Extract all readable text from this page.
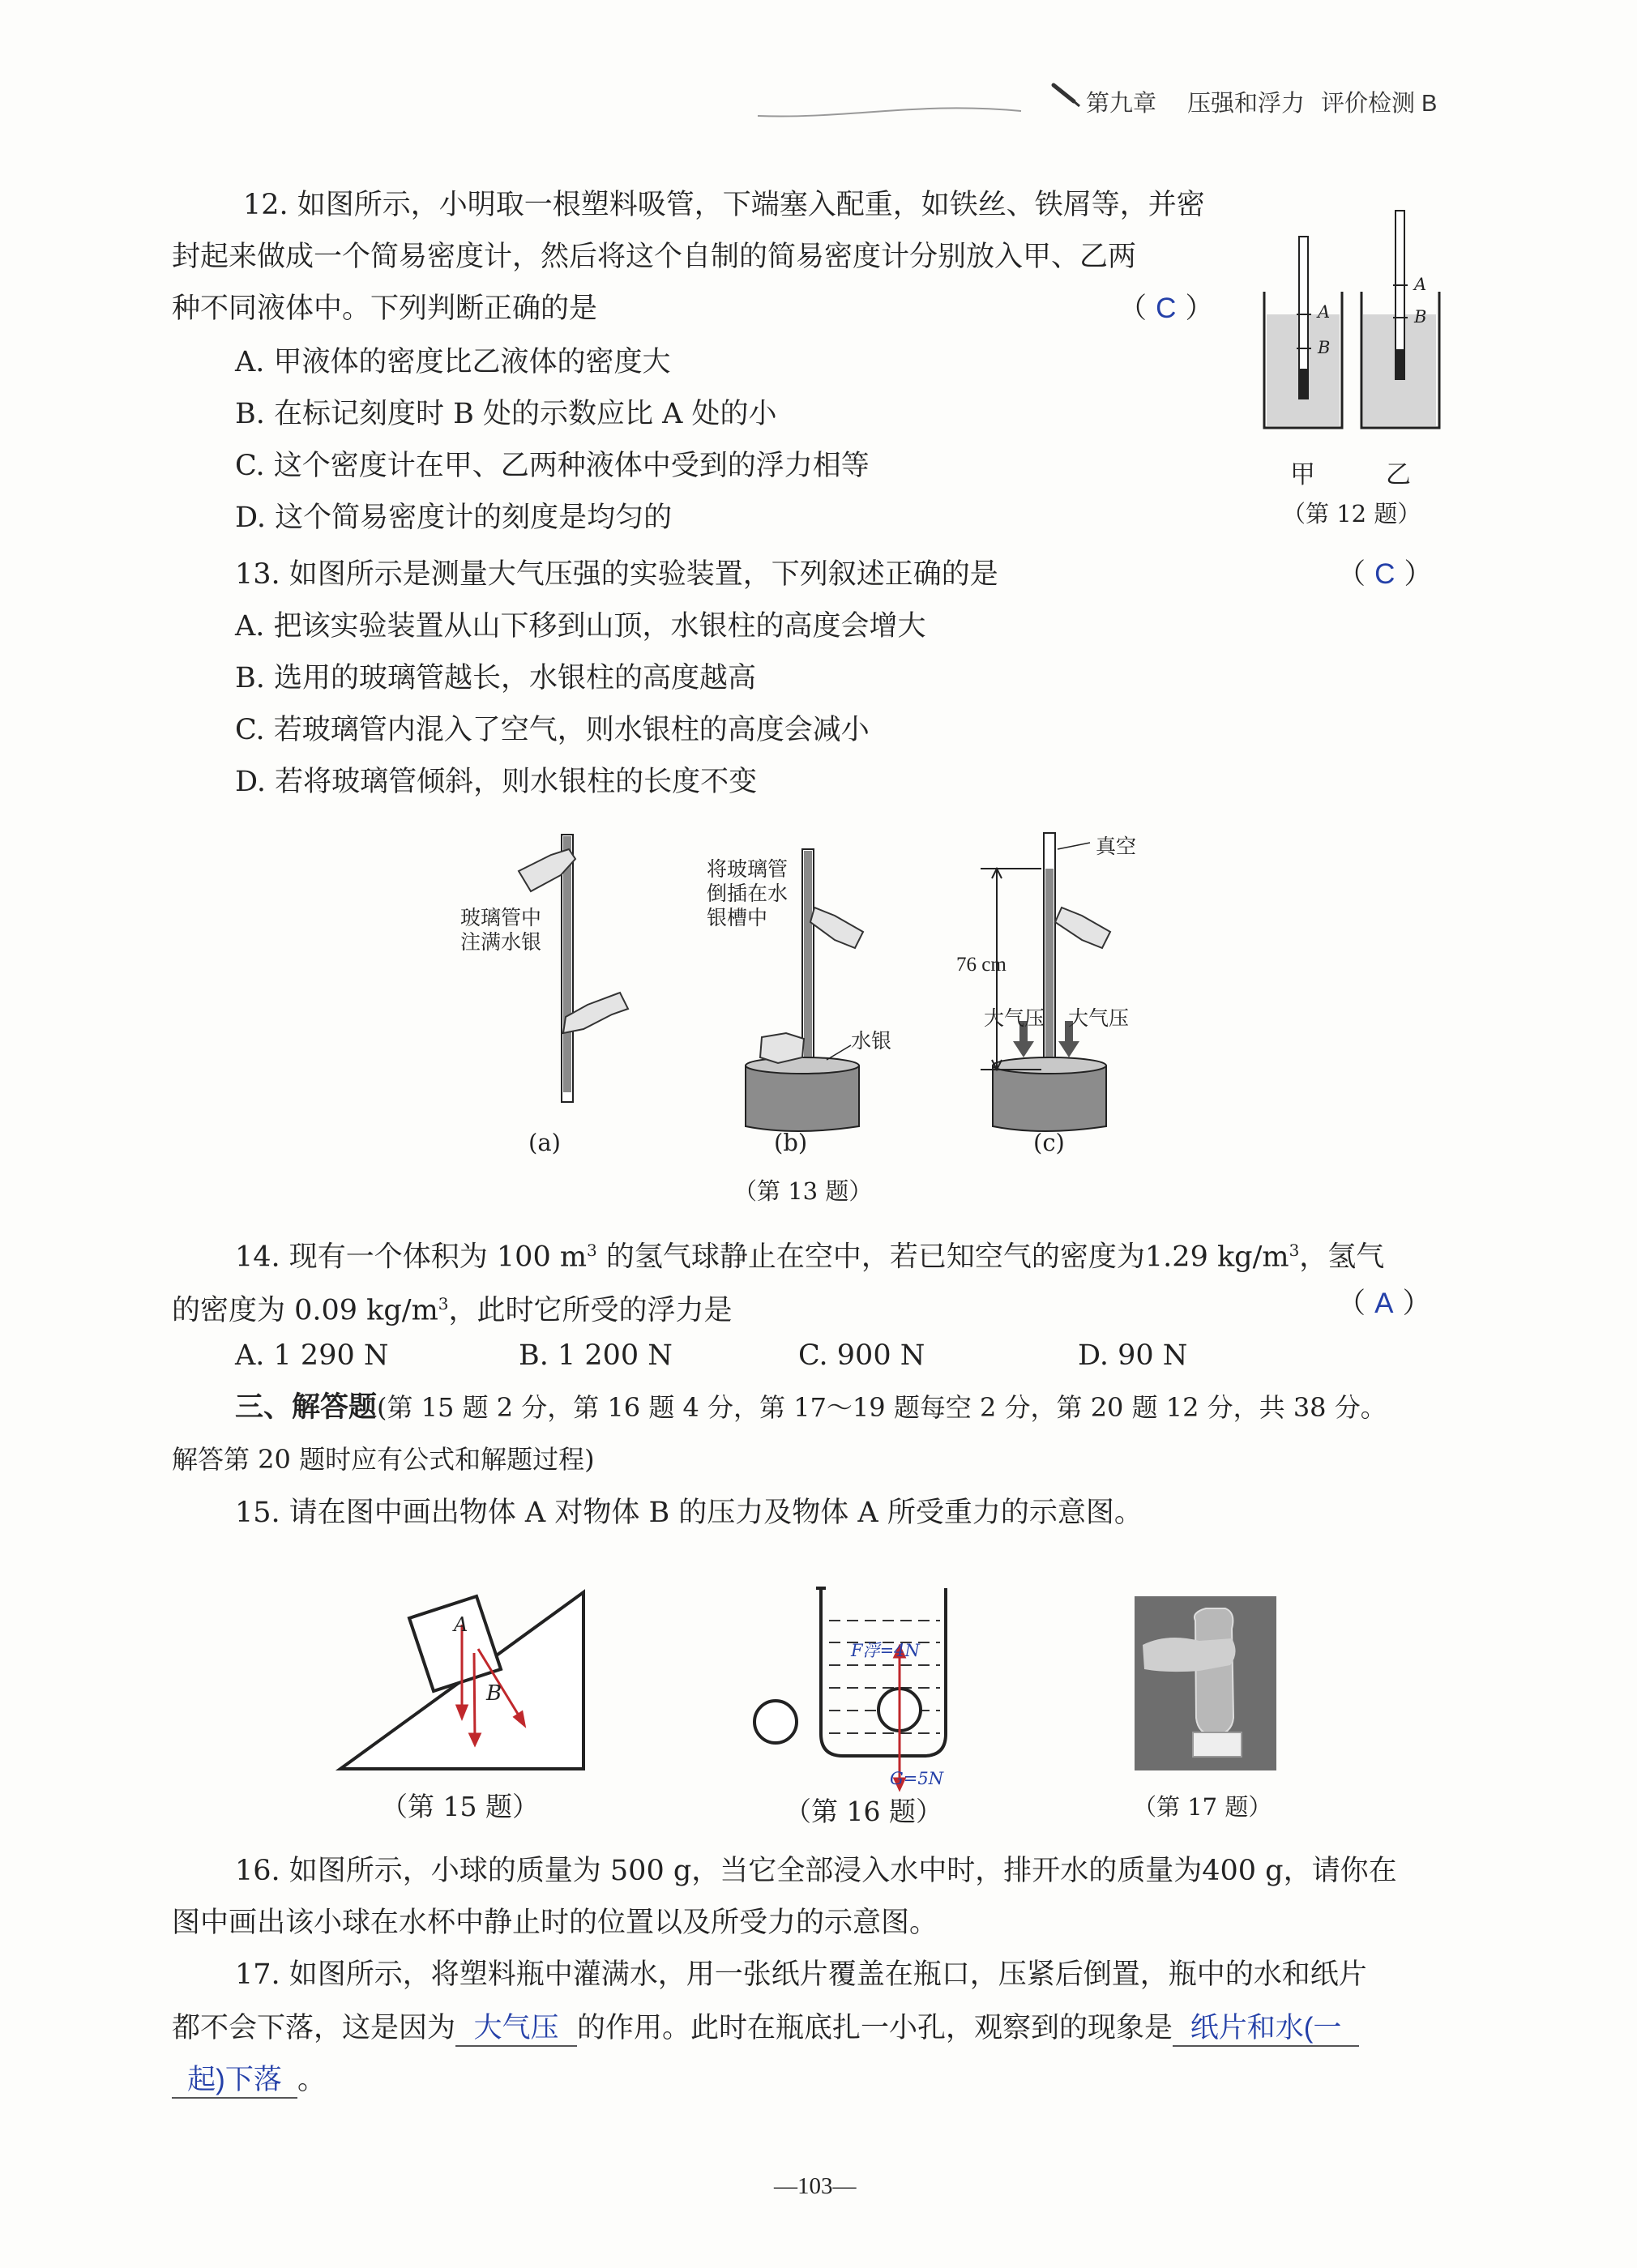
第九章 压强和浮力 评价检测 B
12. 如图所示，小明取一根塑料吸管，下端塞入配重，如铁丝、铁屑等，并密
封起来做成一个简易密度计，然后将这个自制的简易密度计分别放入甲、乙两
种不同液体中。下列判断正确的是	（ C ）
A. 甲液体的密度比乙液体的密度大
B. 在标记刻度时 B 处的示数应比 A 处的小
C. 这个密度计在甲、乙两种液体中受到的浮力相等
D. 这个简易密度计的刻度是均匀的
A
B
A
B
甲	乙
（第 12 题）
13. 如图所示是测量大气压强的实验装置，下列叙述正确的是	（ C ）
A. 把该实验装置从山下移到山顶，水银柱的高度会增大
B. 选用的玻璃管越长，水银柱的高度越高
C. 若玻璃管内混入了空气，则水银柱的高度会减小
D. 若将玻璃管倾斜，则水银柱的长度不变
玻璃管中
注满水银
将玻璃管
倒插在水
银槽中
水银
真空
76 cm
大气压 大气压
(a)	(b)	(c)
（第 13 题）
14. 现有一个体积为 100 $m^3$ 的氢气球静止在空中，若已知空气的密度为1.29 $kg/m^3$，氢气
的密度为 0.09 $kg/m^3$，此时它所受的浮力是	（ A ）
A. 1 290 N	B. 1 200 N	C. 900 N	D. 90 N
三、解答题(第 15 题 2 分，第 16 题 4 分，第 17～19 题每空 2 分，第 20 题 12 分，共 38 分。
解答第 20 题时应有公式和解题过程)
15. 请在图中画出物体 A 对物体 B 的压力及物体 A 所受重力的示意图。
A
B
（第 15 题）
F浮=4N
G=5N
（第 16 题）	（第 17 题）
16. 如图所示，小球的质量为 500 g，当它全部浸入水中时，排开水的质量为400 g，请你在
图中画出该小球在水杯中静止时的位置以及所受力的示意图。
17. 如图所示，将塑料瓶中灌满水，用一张纸片覆盖在瓶口，压紧后倒置，瓶中的水和纸片
都不会下落，这是因为 大气压 的作用。此时在瓶底扎一小孔，观察到的现象是 纸片和水(一
起)下落 。
—103—
